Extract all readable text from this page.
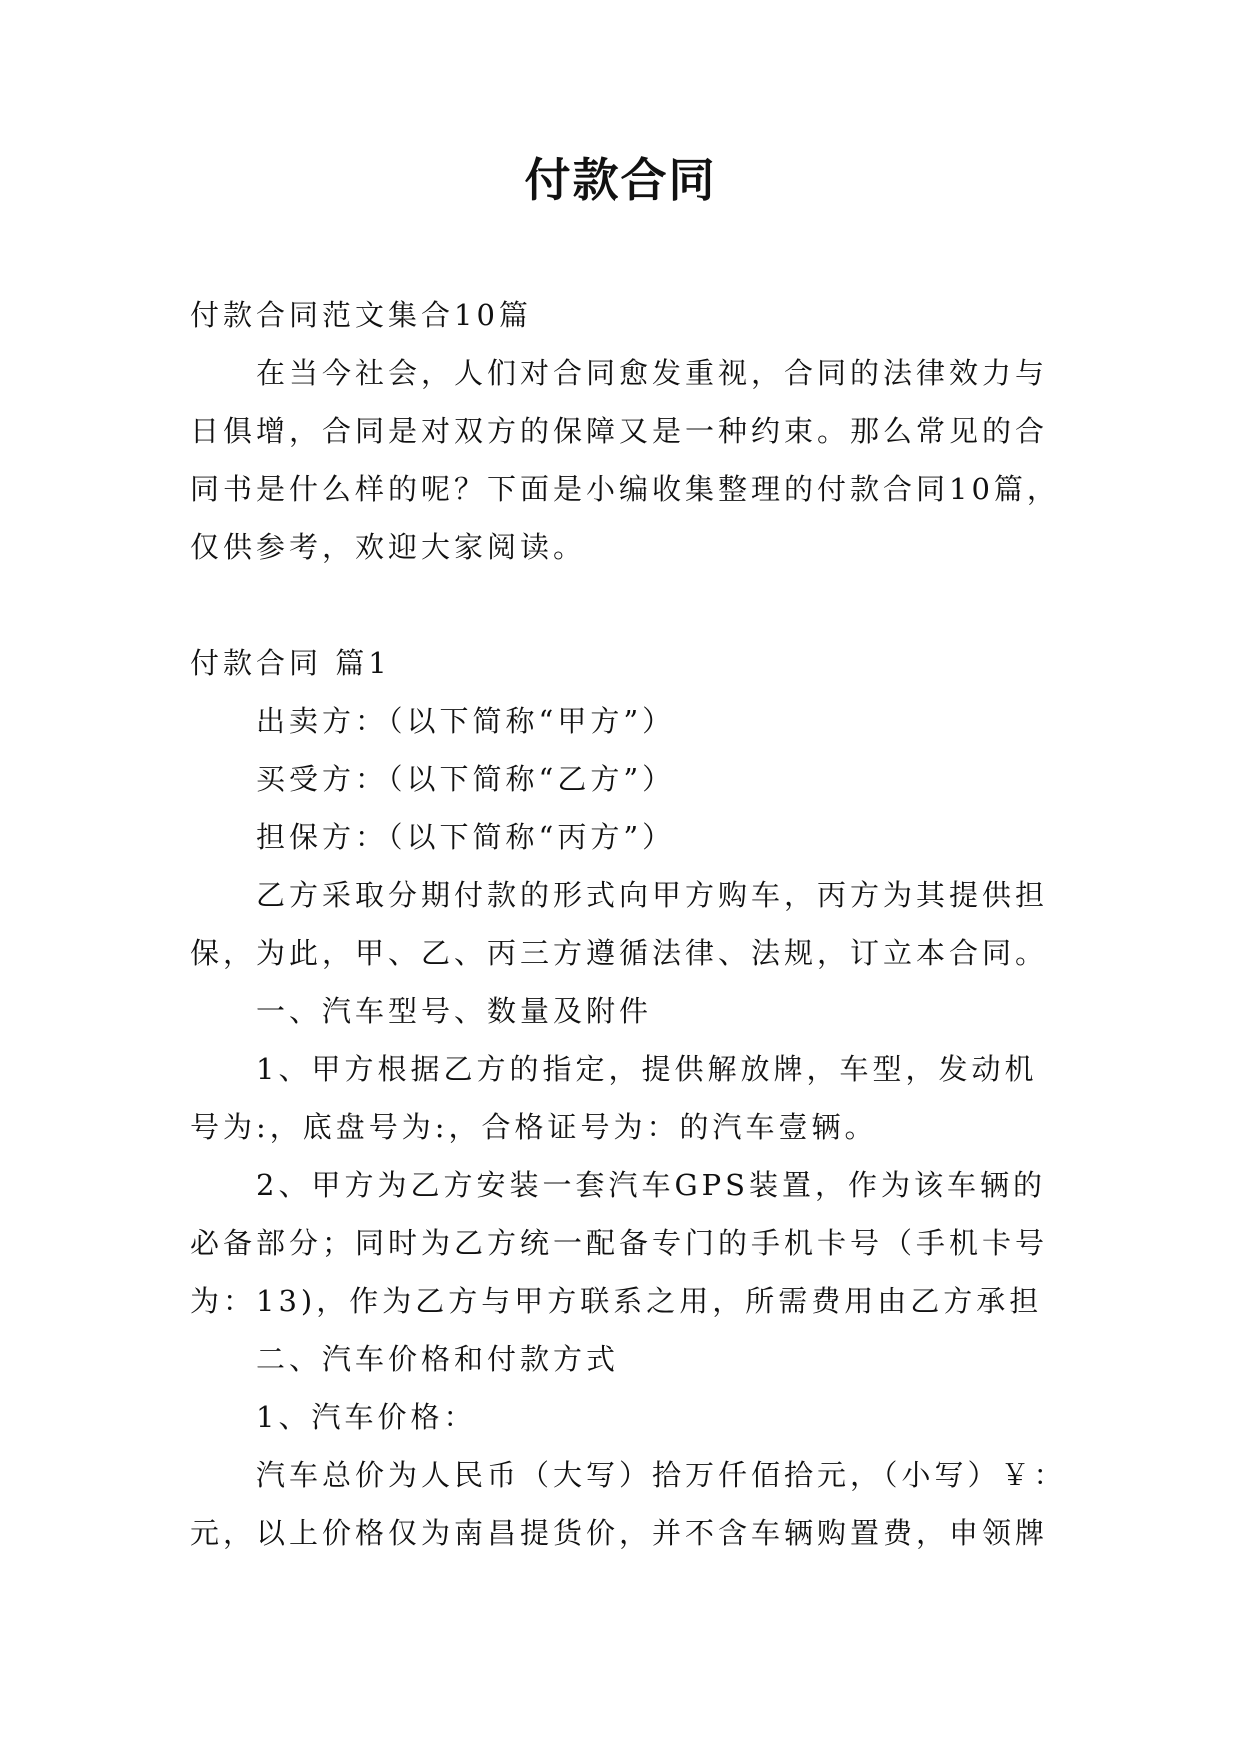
付款合同
付款合同范文集合10篇
在当今社会，人们对合同愈发重视，合同的法律效力与
日俱增，合同是对双方的保障又是一种约束。那么常见的合
同书是什么样的呢？下面是小编收集整理的付款合同10篇，
仅供参考，欢迎大家阅读。
付款合同 篇1
出卖方：（以下简称“甲方”）
买受方：（以下简称“乙方”）
担保方：（以下简称“丙方”）
乙方采取分期付款的形式向甲方购车，丙方为其提供担
保，为此，甲、乙、丙三方遵循法律、法规，订立本合同。
一、汽车型号、数量及附件
1、甲方根据乙方的指定，提供解放牌，车型，发动机
号为:，底盘号为:，合格证号为：的汽车壹辆。
2、甲方为乙方安装一套汽车GPS装置，作为该车辆的
必备部分；同时为乙方统一配备专门的手机卡号（手机卡号
为：13)，作为乙方与甲方联系之用，所需费用由乙方承担
二、汽车价格和付款方式
1、汽车价格：
汽车总价为人民币（大写）拾万仟佰拾元，（小写）￥：
元，以上价格仅为南昌提货价，并不含车辆购置费，申领牌
